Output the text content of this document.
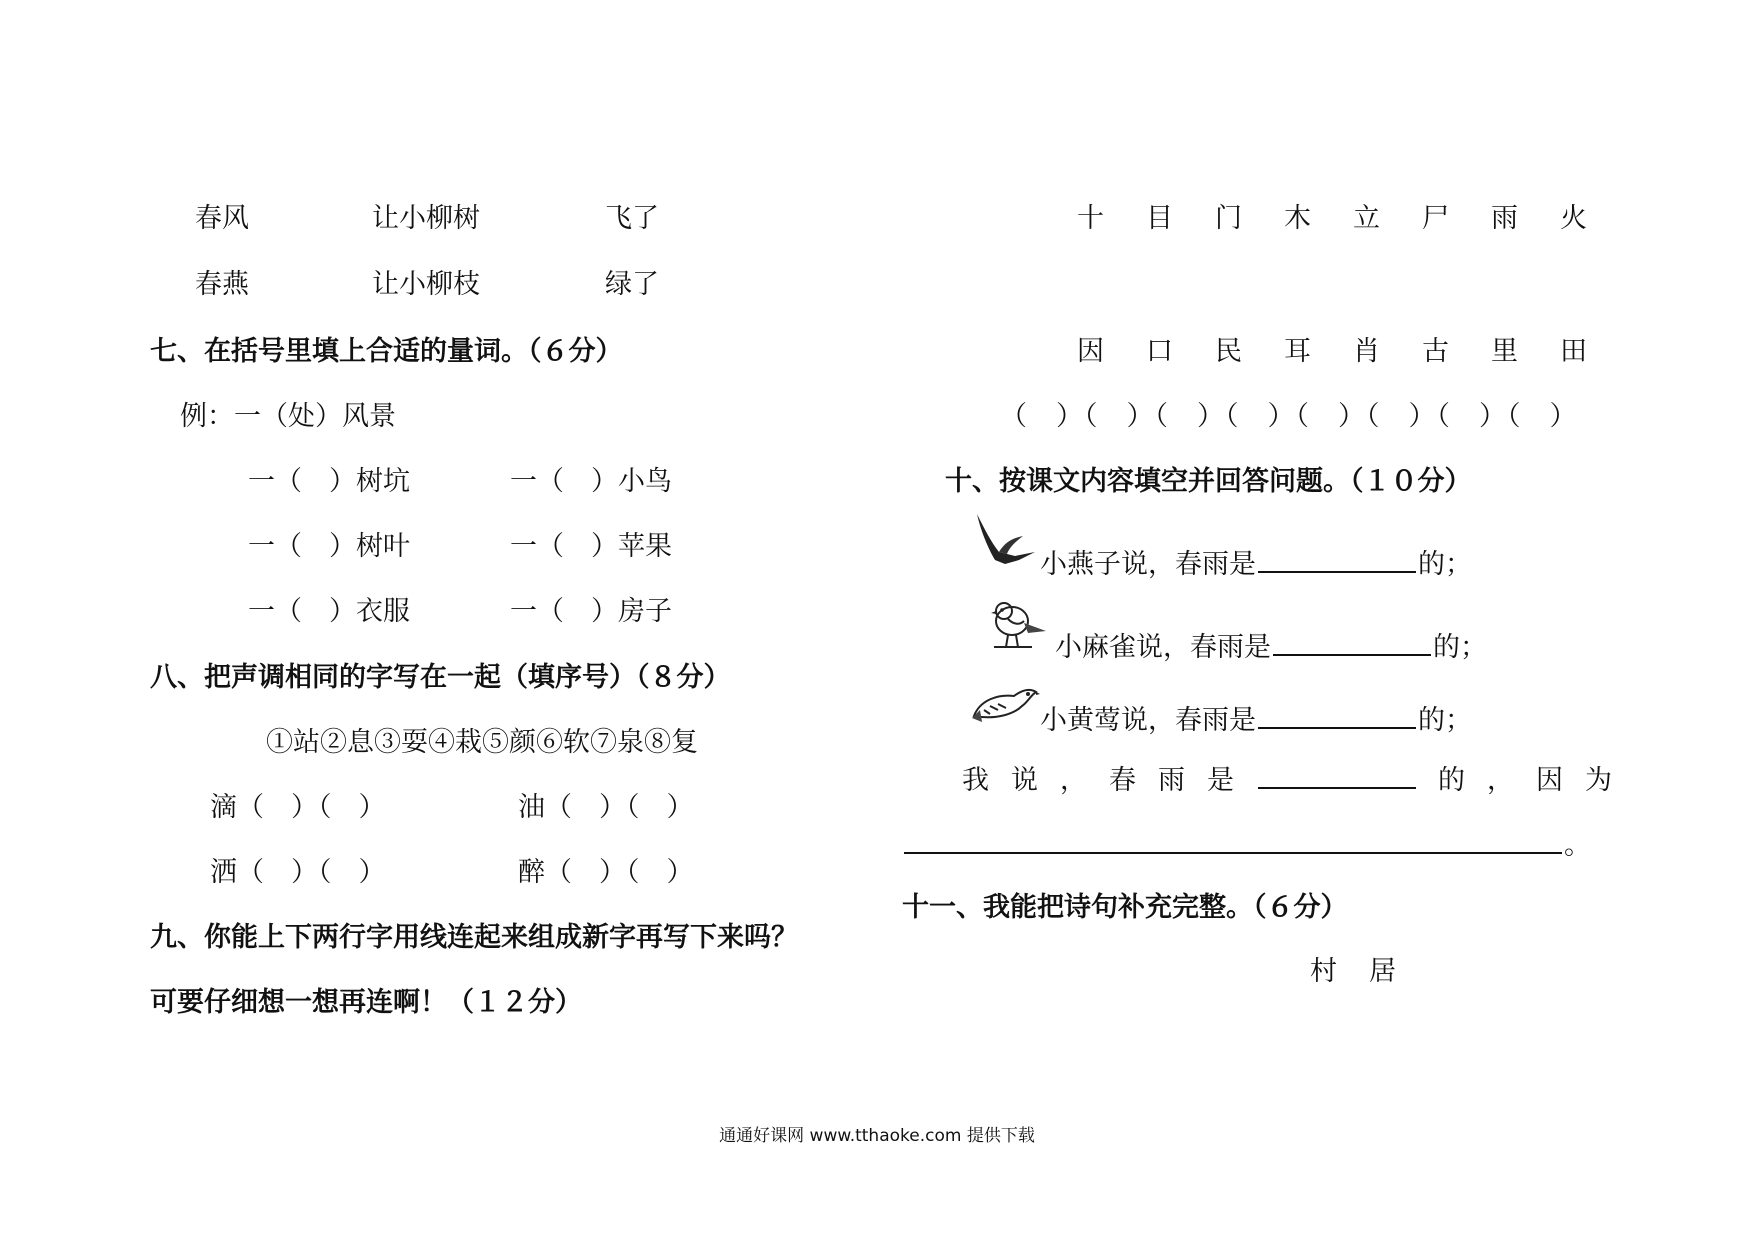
春风	让小柳树	飞了
春燕	让小柳枝	绿了
七、在括号里填上合适的量词。（６分）
例：一（处）风景
一（　）树坑	一（　）小鸟
一（　）树叶	一（　）苹果
一（　）衣服	一（　）房子
八、把声调相同的字写在一起（填序号）（８分）
①站②息③耍④栽⑤颜⑥软⑦泉⑧复
滴（　）（　）	油（　）（　）
洒（　）（　）	醉（　）（　）
九、你能上下两行字用线连起来组成新字再写下来吗？
可要仔细想一想再连啊！（１２分）
十目门木立尸雨火
因口民耳肖古里田
（　）（　）（　）（　）（　）（　）（　）（　）
十、按课文内容填空并回答问题。（１０分）
小燕子说，春雨是	的；
小麻雀说，春雨是	的；
小黄莺说，春雨是	的；
我说，春雨是	的，因为
。
十一、我能把诗句补充完整。（６分）
村居
通通好课网 www.tthaoke.com 提供下载
